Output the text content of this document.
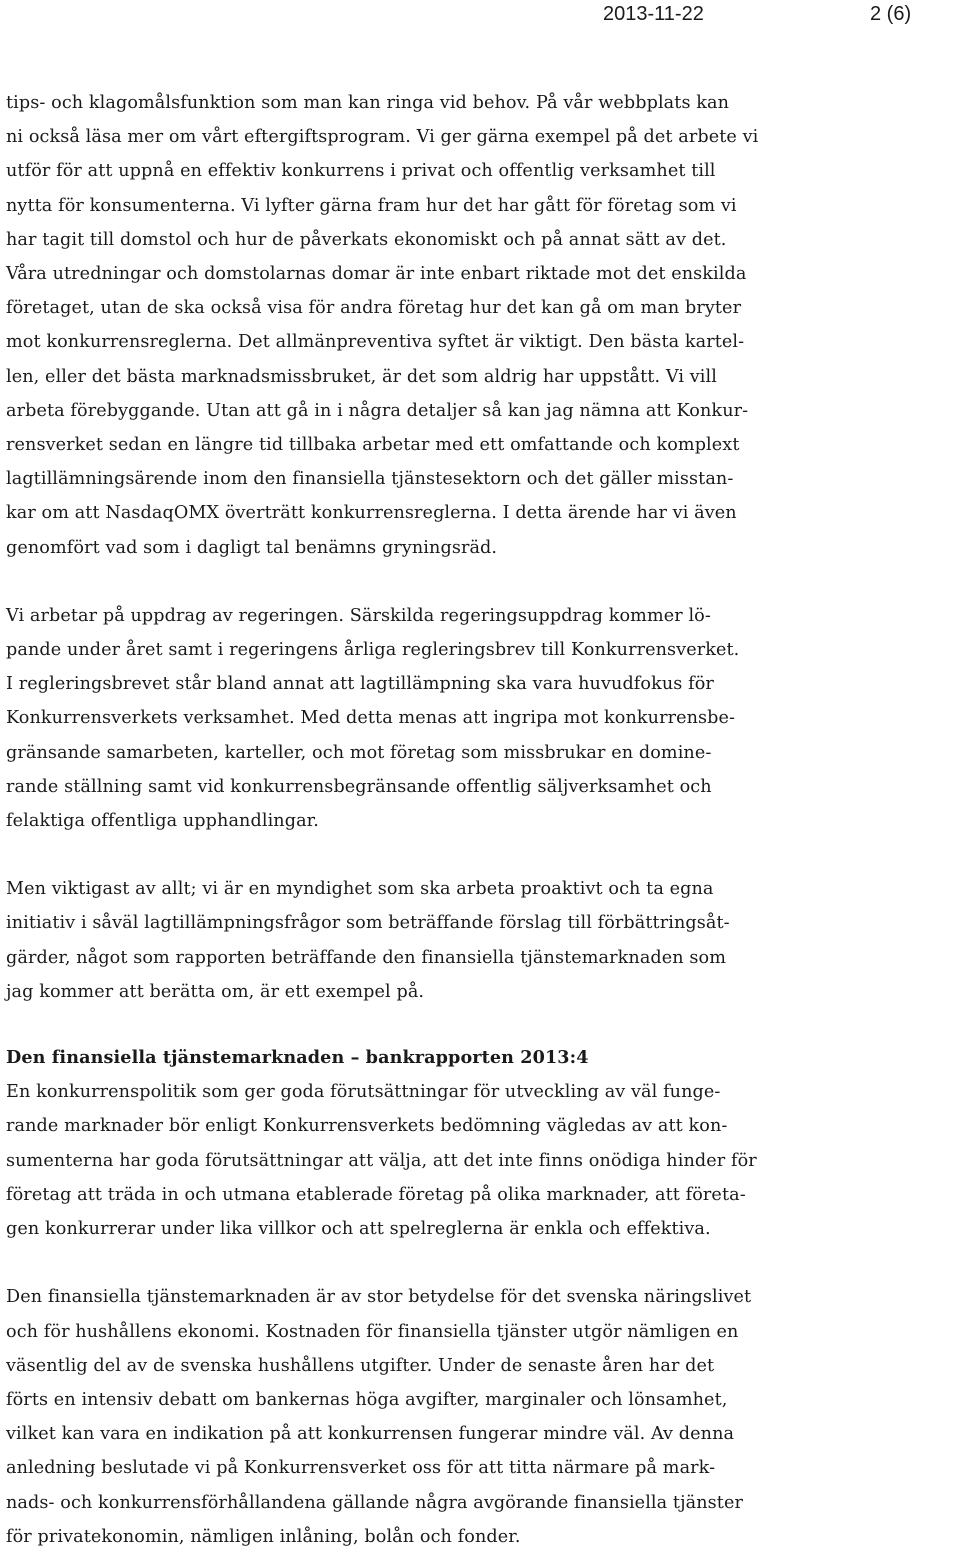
2013-11-22	2 (6)

tips- och klagomålsfunktion som man kan ringa vid behov. På vår webbplats kan
ni också läsa mer om vårt eftergiftsprogram. Vi ger gärna exempel på det arbete vi
utför för att uppnå en effektiv konkurrens i privat och offentlig verksamhet till
nytta för konsumenterna. Vi lyfter gärna fram hur det har gått för företag som vi
har tagit till domstol och hur de påverkats ekonomiskt och på annat sätt av det.
Våra utredningar och domstolarnas domar är inte enbart riktade mot det enskilda
företaget, utan de ska också visa för andra företag hur det kan gå om man bryter
mot konkurrensreglerna. Det allmänpreventiva syftet är viktigt. Den bästa kartel-
len, eller det bästa marknadsmissbruket, är det som aldrig har uppstått. Vi vill
arbeta förebyggande. Utan att gå in i några detaljer så kan jag nämna att Konkur-
rensverket sedan en längre tid tillbaka arbetar med ett omfattande och komplext
lagtillämningsärende inom den finansiella tjänstesektorn och det gäller misstan-
kar om att NasdaqOMX överträtt konkurrensreglerna. I detta ärende har vi även
genomfört vad som i dagligt tal benämns gryningsräd.

Vi arbetar på uppdrag av regeringen. Särskilda regeringsuppdrag kommer lö-
pande under året samt i regeringens årliga regleringsbrev till Konkurrensverket.
I regleringsbrevet står bland annat att lagtillämpning ska vara huvudfokus för
Konkurrensverkets verksamhet. Med detta menas att ingripa mot konkurrensbe-
gränsande samarbeten, karteller, och mot företag som missbrukar en domine-
rande ställning samt vid konkurrensbegränsande offentlig säljverksamhet och
felaktiga offentliga upphandlingar.

Men viktigast av allt; vi är en myndighet som ska arbeta proaktivt och ta egna
initiativ i såväl lagtillämpningsfrågor som beträffande förslag till förbättringsåt-
gärder, något som rapporten beträffande den finansiella tjänstemarknaden som
jag kommer att berätta om, är ett exempel på.

Den finansiella tjänstemarknaden – bankrapporten 2013:4

En konkurrenspolitik som ger goda förutsättningar för utveckling av väl funge-
rande marknader bör enligt Konkurrensverkets bedömning vägledas av att kon-
sumenterna har goda förutsättningar att välja, att det inte finns onödiga hinder för
företag att träda in och utmana etablerade företag på olika marknader, att företa-
gen konkurrerar under lika villkor och att spelreglerna är enkla och effektiva.

Den finansiella tjänstemarknaden är av stor betydelse för det svenska näringslivet
och för hushållens ekonomi. Kostnaden för finansiella tjänster utgör nämligen en
väsentlig del av de svenska hushållens utgifter. Under de senaste åren har det
förts en intensiv debatt om bankernas höga avgifter, marginaler och lönsamhet,
vilket kan vara en indikation på att konkurrensen fungerar mindre väl. Av denna
anledning beslutade vi på Konkurrensverket oss för att titta närmare på mark-
nads- och konkurrensförhållandena gällande några avgörande finansiella tjänster
för privatekonomin, nämligen inlåning, bolån och fonder.
